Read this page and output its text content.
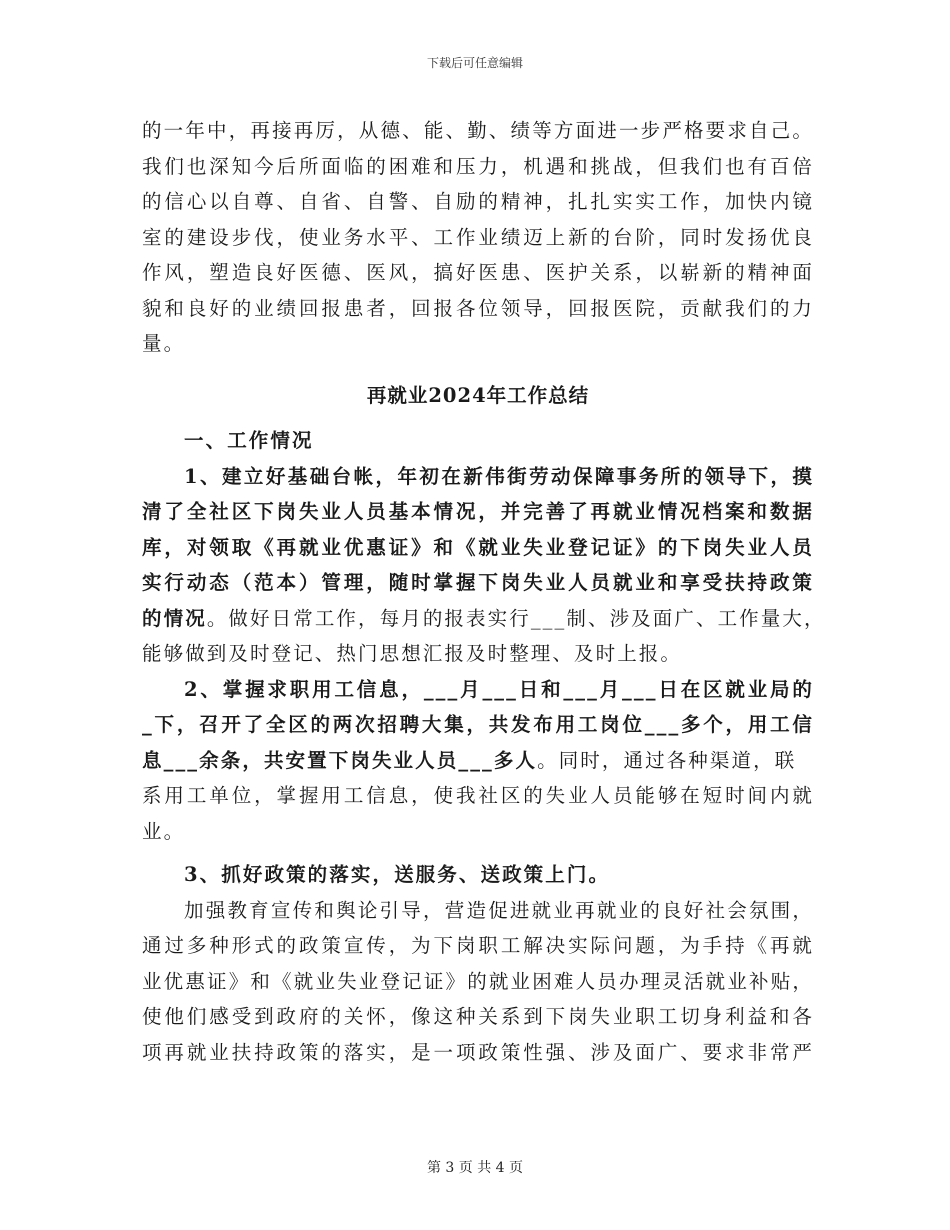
下载后可任意编辑
的一年中，再接再厉，从德、能、勤、绩等方面进一步严格要求自己。
我们也深知今后所面临的困难和压力，机遇和挑战，但我们也有百倍
的信心以自尊、自省、自警、自励的精神，扎扎实实工作，加快内镜
室的建设步伐，使业务水平、工作业绩迈上新的台阶，同时发扬优良
作风，塑造良好医德、医风，搞好医患、医护关系，以崭新的精神面
貌和良好的业绩回报患者，回报各位领导，回报医院，贡献我们的力
量。
再就业2024年工作总结
一、工作情况
1、建立好基础台帐，年初在新伟街劳动保障事务所的领导下，摸
清了全社区下岗失业人员基本情况，并完善了再就业情况档案和数据
库，对领取《再就业优惠证》和《就业失业登记证》的下岗失业人员
实行动态（范本）管理，随时掌握下岗失业人员就业和享受扶持政策
的情况。做好日常工作，每月的报表实行___制、涉及面广、工作量大，
能够做到及时登记、热门思想汇报及时整理、及时上报。
2、掌握求职用工信息，___月___日和___月___日在区就业局的
_下，召开了全区的两次招聘大集，共发布用工岗位___多个，用工信
息___余条，共安置下岗失业人员___多人。同时，通过各种渠道，联
系用工单位，掌握用工信息，使我社区的失业人员能够在短时间内就
业。
3、抓好政策的落实，送服务、送政策上门。
加强教育宣传和舆论引导，营造促进就业再就业的良好社会氛围，
通过多种形式的政策宣传，为下岗职工解决实际问题，为手持《再就
业优惠证》和《就业失业登记证》的就业困难人员办理灵活就业补贴，
使他们感受到政府的关怀，像这种关系到下岗失业职工切身利益和各
项再就业扶持政策的落实，是一项政策性强、涉及面广、要求非常严
第 3 页 共 4 页
